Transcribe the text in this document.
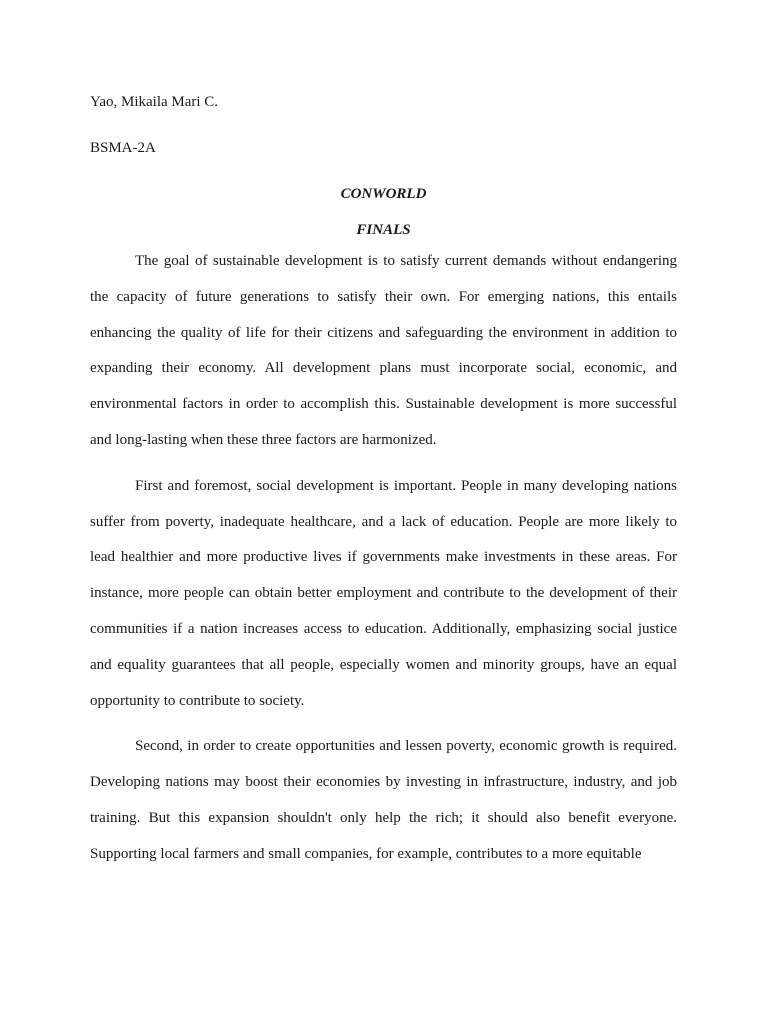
Yao, Mikaila Mari C.

BSMA-2A

CONWORLD

FINALS

The goal of sustainable development is to satisfy current demands without endangering the capacity of future generations to satisfy their own. For emerging nations, this entails enhancing the quality of life for their citizens and safeguarding the environment in addition to expanding their economy. All development plans must incorporate social, economic, and environmental factors in order to accomplish this. Sustainable development is more successful and long-lasting when these three factors are harmonized.

First and foremost, social development is important. People in many developing nations suffer from poverty, inadequate healthcare, and a lack of education. People are more likely to lead healthier and more productive lives if governments make investments in these areas. For instance, more people can obtain better employment and contribute to the development of their communities if a nation increases access to education. Additionally, emphasizing social justice and equality guarantees that all people, especially women and minority groups, have an equal opportunity to contribute to society.

Second, in order to create opportunities and lessen poverty, economic growth is required. Developing nations may boost their economies by investing in infrastructure, industry, and job training. But this expansion shouldn't only help the rich; it should also benefit everyone. Supporting local farmers and small companies, for example, contributes to a more equitable
